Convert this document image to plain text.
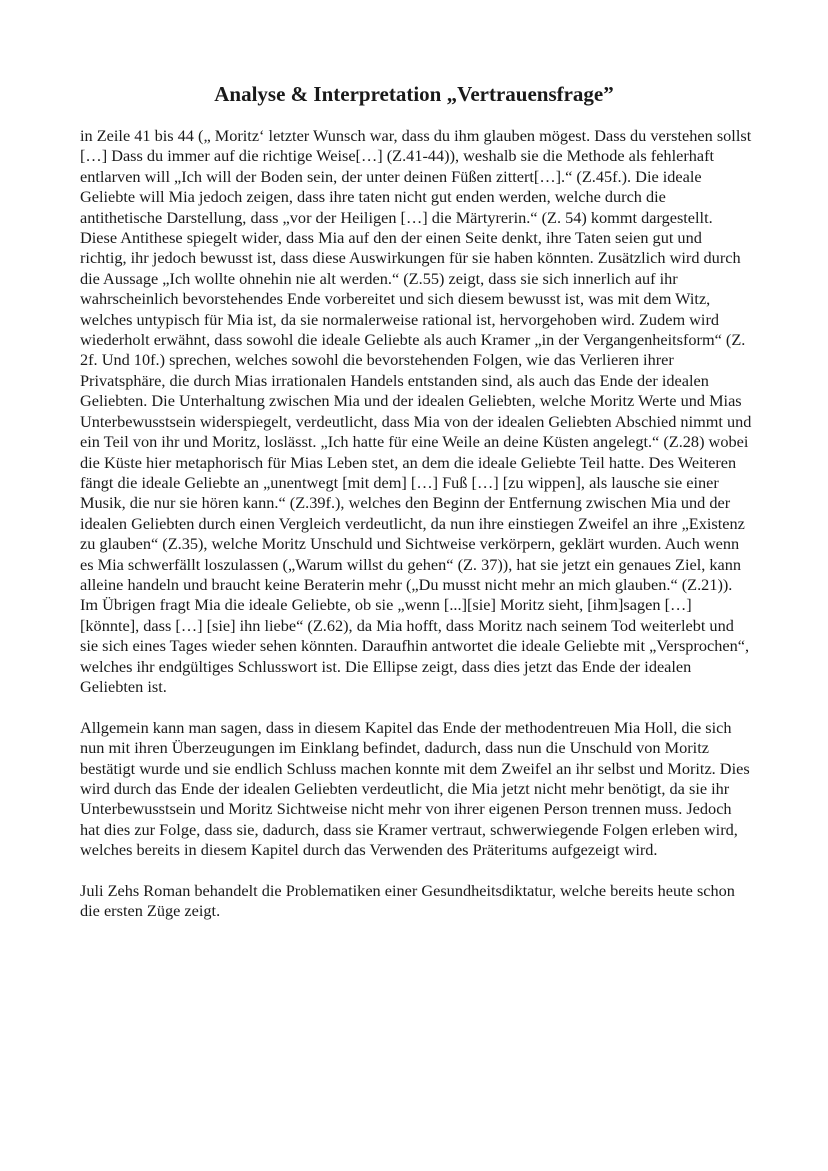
Analyse & Interpretation „Vertrauensfrage”

in Zeile 41 bis 44 („ Moritz‘ letzter Wunsch war, dass du ihm glauben mögest. Dass du verstehen sollst […] Dass du immer auf die richtige Weise[…] (Z.41-44)), weshalb sie die Methode als fehlerhaft entlarven will „Ich will der Boden sein, der unter deinen Füßen zittert[…].“ (Z.45f.). Die ideale Geliebte will Mia jedoch zeigen, dass ihre taten nicht gut enden werden, welche durch die antithetische Darstellung, dass „vor der Heiligen […] die Märtyrerin.“ (Z. 54) kommt dargestellt. Diese Antithese spiegelt wider, dass Mia auf den der einen Seite denkt, ihre Taten seien gut und richtig, ihr jedoch bewusst ist, dass diese Auswirkungen für sie haben könnten. Zusätzlich wird durch die Aussage „Ich wollte ohnehin nie alt werden.“ (Z.55) zeigt, dass sie sich innerlich auf ihr wahrscheinlich bevorstehendes Ende vorbereitet und sich diesem bewusst ist, was mit dem Witz, welches untypisch für Mia ist, da sie normalerweise rational ist, hervorgehoben wird. Zudem wird wiederholt erwähnt, dass sowohl die ideale Geliebte als auch Kramer „in der Vergangenheitsform“ (Z. 2f. Und 10f.) sprechen, welches sowohl die bevorstehenden Folgen, wie das Verlieren ihrer Privatsphäre, die durch Mias irrationalen Handels entstanden sind, als auch das Ende der idealen Geliebten. Die Unterhaltung zwischen Mia und der idealen Geliebten, welche Moritz Werte und Mias Unterbewusstsein widerspiegelt, verdeutlicht, dass Mia von der idealen Geliebten Abschied nimmt und ein Teil von ihr und Moritz, loslässt. „Ich hatte für eine Weile an deine Küsten angelegt.“ (Z.28) wobei die Küste hier metaphorisch für Mias Leben stet, an dem die ideale Geliebte Teil hatte. Des Weiteren fängt die ideale Geliebte an „unentwegt [mit dem] […] Fuß […] [zu wippen], als lausche sie einer Musik, die nur sie hören kann.“ (Z.39f.), welches den Beginn der Entfernung zwischen Mia und der idealen Geliebten durch einen Vergleich verdeutlicht, da nun ihre einstiegen Zweifel an ihre „Existenz zu glauben“ (Z.35), welche Moritz Unschuld und Sichtweise verkörpern, geklärt wurden. Auch wenn es Mia schwerfällt loszulassen („Warum willst du gehen“ (Z. 37)), hat sie jetzt ein genaues Ziel, kann alleine handeln und braucht keine Beraterin mehr („Du musst nicht mehr an mich glauben.“ (Z.21)). Im Übrigen fragt Mia die ideale Geliebte, ob sie „wenn [...][sie] Moritz sieht, [ihm]sagen […] [könnte], dass […] [sie] ihn liebe“ (Z.62), da Mia hofft, dass Moritz nach seinem Tod weiterlebt und sie sich eines Tages wieder sehen könnten. Daraufhin antwortet die ideale Geliebte mit „Versprochen“, welches ihr endgültiges Schlusswort ist. Die Ellipse zeigt, dass dies jetzt das Ende der idealen Geliebten ist.

Allgemein kann man sagen, dass in diesem Kapitel das Ende der methodentreuen Mia Holl, die sich nun mit ihren Überzeugungen im Einklang befindet, dadurch, dass nun die Unschuld von Moritz bestätigt wurde und sie endlich Schluss machen konnte mit dem Zweifel an ihr selbst und Moritz. Dies wird durch das Ende der idealen Geliebten verdeutlicht, die Mia jetzt nicht mehr benötigt, da sie ihr Unterbewusstsein und Moritz Sichtweise nicht mehr von ihrer eigenen Person trennen muss. Jedoch hat dies zur Folge, dass sie, dadurch, dass sie Kramer vertraut, schwerwiegende Folgen erleben wird, welches bereits in diesem Kapitel durch das Verwenden des Präteritums aufgezeigt wird.

Juli Zehs Roman behandelt die Problematiken einer Gesundheitsdiktatur, welche bereits heute schon die ersten Züge zeigt.
